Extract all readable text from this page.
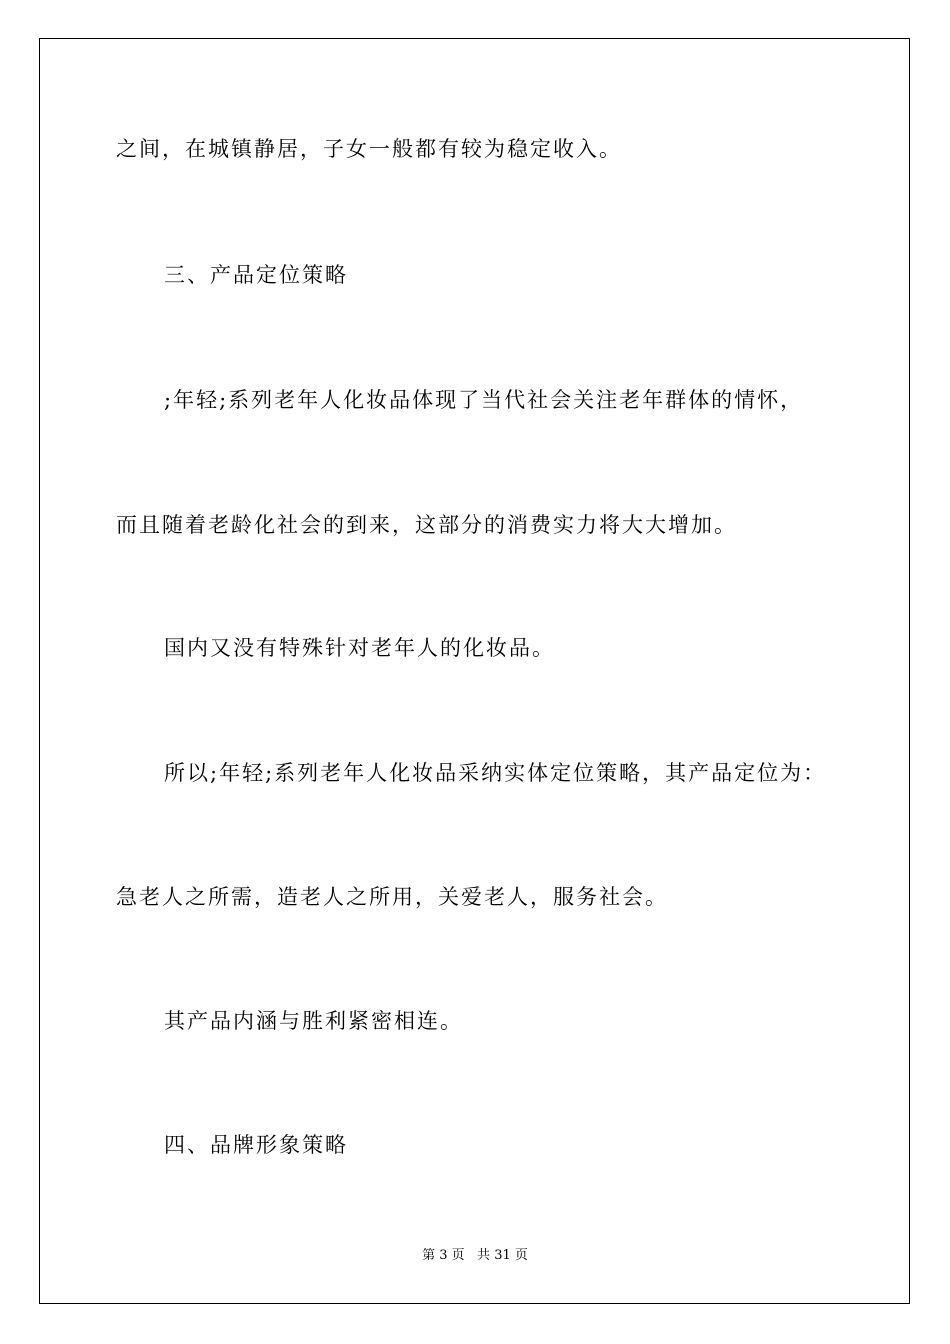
之间，在城镇静居，子女一般都有较为稳定收入。
三、产品定位策略
;年轻;系列老年人化妆品体现了当代社会关注老年群体的情怀，
而且随着老龄化社会的到来，这部分的消费实力将大大增加。
国内又没有特殊针对老年人的化妆品。
所以;年轻;系列老年人化妆品采纳实体定位策略，其产品定位为：
急老人之所需，造老人之所用，关爱老人，服务社会。
其产品内涵与胜利紧密相连。
四、品牌形象策略
第 3 页   共 31 页
